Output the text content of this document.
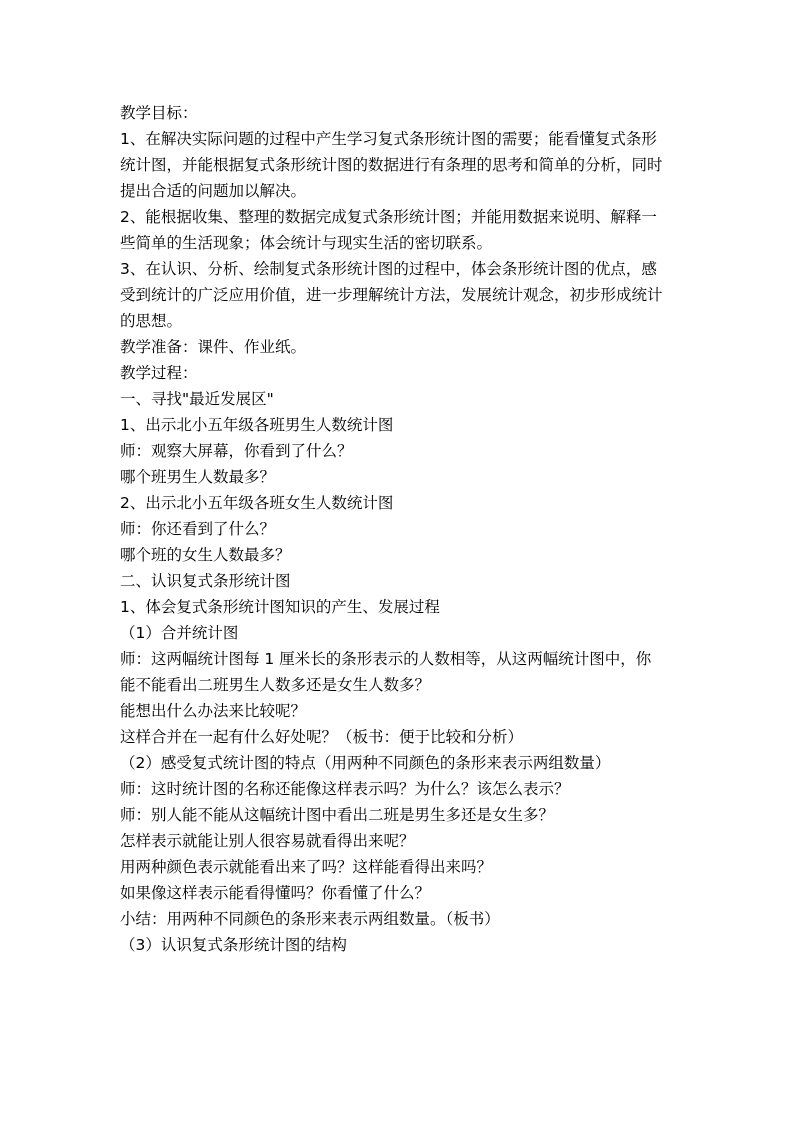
教学目标：
1、在解决实际问题的过程中产生学习复式条形统计图的需要；能看懂复式条形
统计图，并能根据复式条形统计图的数据进行有条理的思考和简单的分析，同时
提出合适的问题加以解决。
2、能根据收集、整理的数据完成复式条形统计图；并能用数据来说明、解释一
些简单的生活现象；体会统计与现实生活的密切联系。
3、在认识、分析、绘制复式条形统计图的过程中，体会条形统计图的优点，感
受到统计的广泛应用价值，进一步理解统计方法，发展统计观念，初步形成统计
的思想。
教学准备：课件、作业纸。
教学过程：
一、寻找"最近发展区"
1、出示北小五年级各班男生人数统计图
师：观察大屏幕，你看到了什么？
哪个班男生人数最多？
2、出示北小五年级各班女生人数统计图
师：你还看到了什么？
哪个班的女生人数最多？
二、认识复式条形统计图
1、体会复式条形统计图知识的产生、发展过程
（1）合并统计图
师：这两幅统计图每 1 厘米长的条形表示的人数相等，从这两幅统计图中，你
能不能看出二班男生人数多还是女生人数多？
能想出什么办法来比较呢？
这样合并在一起有什么好处呢？（板书：便于比较和分析）
（2）感受复式统计图的特点（用两种不同颜色的条形来表示两组数量）
师：这时统计图的名称还能像这样表示吗？为什么？该怎么表示？
师：别人能不能从这幅统计图中看出二班是男生多还是女生多？
怎样表示就能让别人很容易就看得出来呢？
用两种颜色表示就能看出来了吗？这样能看得出来吗？
如果像这样表示能看得懂吗？你看懂了什么？
小结：用两种不同颜色的条形来表示两组数量。（板书）
（3）认识复式条形统计图的结构
